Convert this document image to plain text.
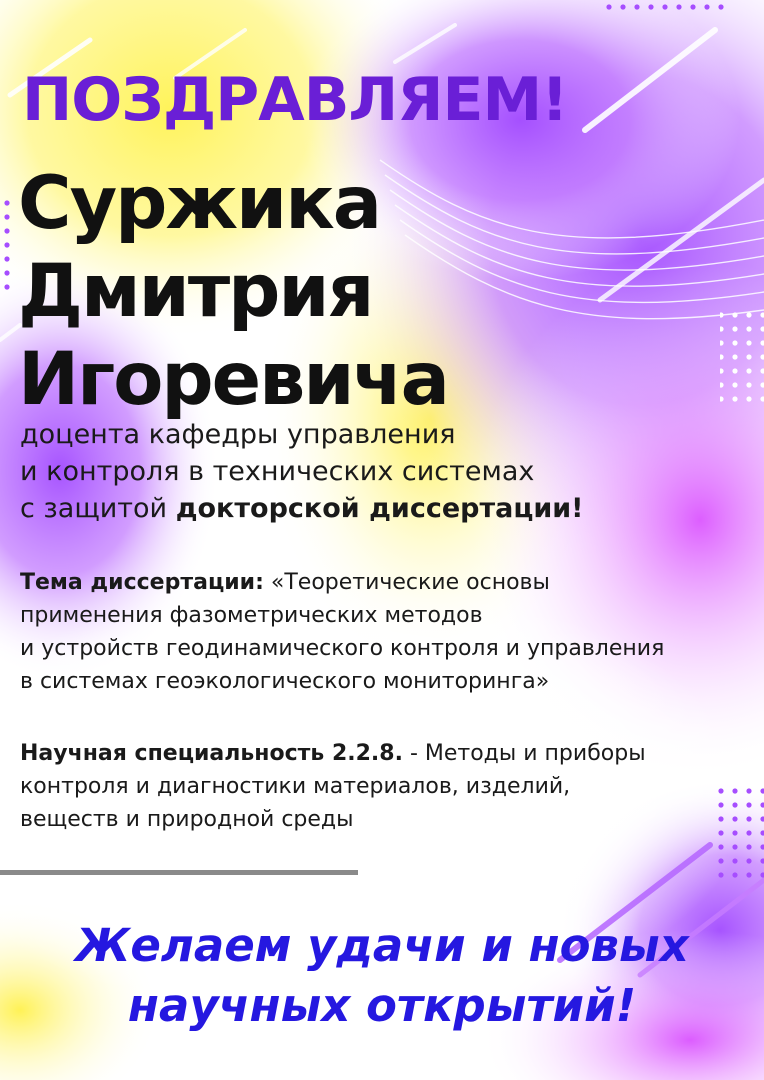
ПОЗДРАВЛЯЕМ!
Суржика
Дмитрия
Игоревича
доцента кафедры управления
и контроля в технических системах
с защитой докторской диссертации!
Тема диссертации: «Теоретические основы
применения фазометрических методов
и устройств геодинамического контроля и управления
в системах геоэкологического мониторинга»
Научная специальность 2.2.8. - Методы и приборы
контроля и диагностики материалов, изделий,
веществ и природной среды
Желаем удачи и новых
научных открытий!
